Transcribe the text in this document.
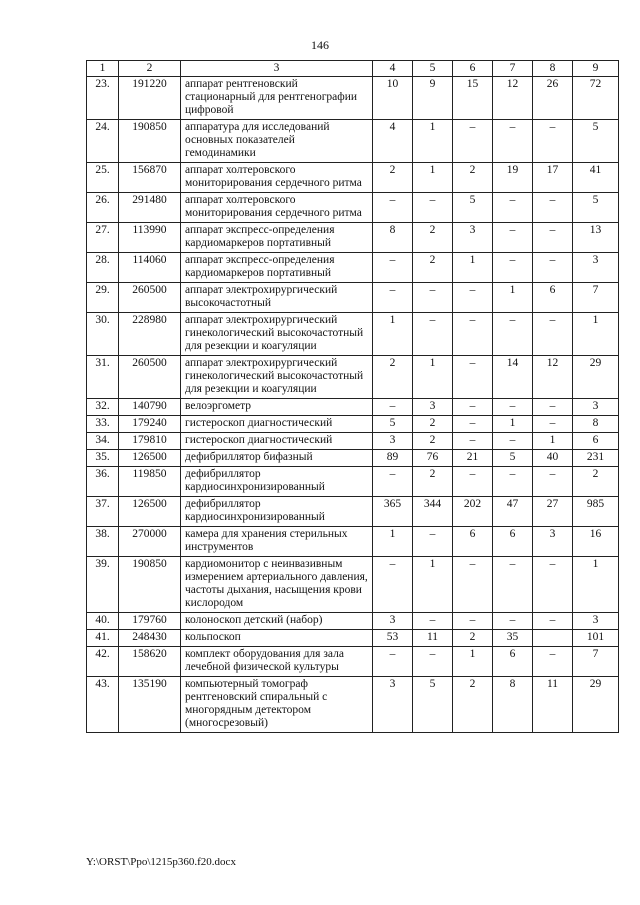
146
1	2	3	4	5	6	7	8	9
23.	191220	аппарат рентгеновский стационарный для рентгенографии цифровой	10	9	15	12	26	72
24.	190850	аппаратура для исследований основных показателей гемодинамики	4	1	–	–	–	5
25.	156870	аппарат холтеровского мониторирования сердечного ритма	2	1	2	19	17	41
26.	291480	аппарат холтеровского мониторирования сердечного ритма	–	–	5	–	–	5
27.	113990	аппарат экспресс-определения кардиомаркеров портативный	8	2	3	–	–	13
28.	114060	аппарат экспресс-определения кардиомаркеров портативный	–	2	1	–	–	3
29.	260500	аппарат электрохирургический высокочастотный	–	–	–	1	6	7
30.	228980	аппарат электрохирургический гинекологический высокочастотный для резекции и коагуляции	1	–	–	–	–	1
31.	260500	аппарат электрохирургический гинекологический высокочастотный для резекции и коагуляции	2	1	–	14	12	29
32.	140790	велоэргометр	–	3	–	–	–	3
33.	179240	гистероскоп диагностический	5	2	–	1	–	8
34.	179810	гистероскоп диагностический	3	2	–	–	1	6
35.	126500	дефибриллятор бифазный	89	76	21	5	40	231
36.	119850	дефибриллятор кардиосинхронизированный	–	2	–	–	–	2
37.	126500	дефибриллятор кардиосинхронизированный	365	344	202	47	27	985
38.	270000	камера для хранения стерильных инструментов	1	–	6	6	3	16
39.	190850	кардиомонитор с неинвазивным измерением артериального давления, частоты дыхания, насыщения крови кислородом	–	1	–	–	–	1
40.	179760	колоноскоп детский (набор)	3	–	–	–	–	3
41.	248430	кольпоскоп	53	11	2	35		101
42.	158620	комплект оборудования для зала лечебной физической культуры	–	–	1	6	–	7
43.	135190	компьютерный томограф рентгеновский спиральный с многорядным детектором (многосрезовый)	3	5	2	8	11	29
Y:\ORST\Ppo\1215p360.f20.docx
